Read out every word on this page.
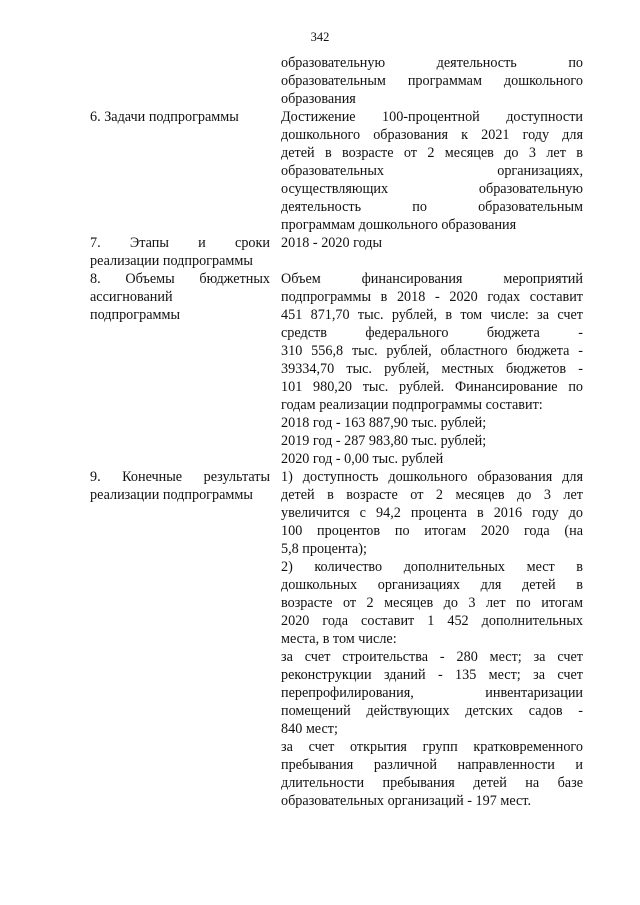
342
образовательную деятельность по
образовательным программам дошкольного
образования
6. Задачи подпрограммы	Достижение 100-процентной доступности
дошкольного образования к 2021 году для
детей в возрасте от 2 месяцев до 3 лет в
образовательных организациях,
осуществляющих образовательную
деятельность по образовательным
программам дошкольного образования
7. Этапы и сроки
реализации подпрограммы
2018 - 2020 годы
8. Объемы бюджетных
ассигнований
подпрограммы
Объем финансирования мероприятий
подпрограммы в 2018 - 2020 годах составит
451 871,70 тыс. рублей, в том числе: за счет
средств федерального бюджета -
310 556,8 тыс. рублей, областного бюджета -
39334,70 тыс. рублей, местных бюджетов -
101 980,20 тыс. рублей. Финансирование по
годам реализации подпрограммы составит:
2018 год - 163 887,90 тыс. рублей;
2019 год - 287 983,80 тыс. рублей;
2020 год - 0,00 тыс. рублей
9. Конечные результаты
реализации подпрограммы
1) доступность дошкольного образования для
детей в возрасте от 2 месяцев до 3 лет
увеличится с 94,2 процента в 2016 году до
100 процентов по итогам 2020 года (на
5,8 процента);
2) количество дополнительных мест в
дошкольных организациях для детей в
возрасте от 2 месяцев до 3 лет по итогам
2020 года составит 1 452 дополнительных
места, в том числе:
за счет строительства - 280 мест; за счет
реконструкции зданий - 135 мест; за счет
перепрофилирования, инвентаризации
помещений действующих детских садов -
840 мест;
за счет открытия групп кратковременного
пребывания различной направленности и
длительности пребывания детей на базе
образовательных организаций - 197 мест.
